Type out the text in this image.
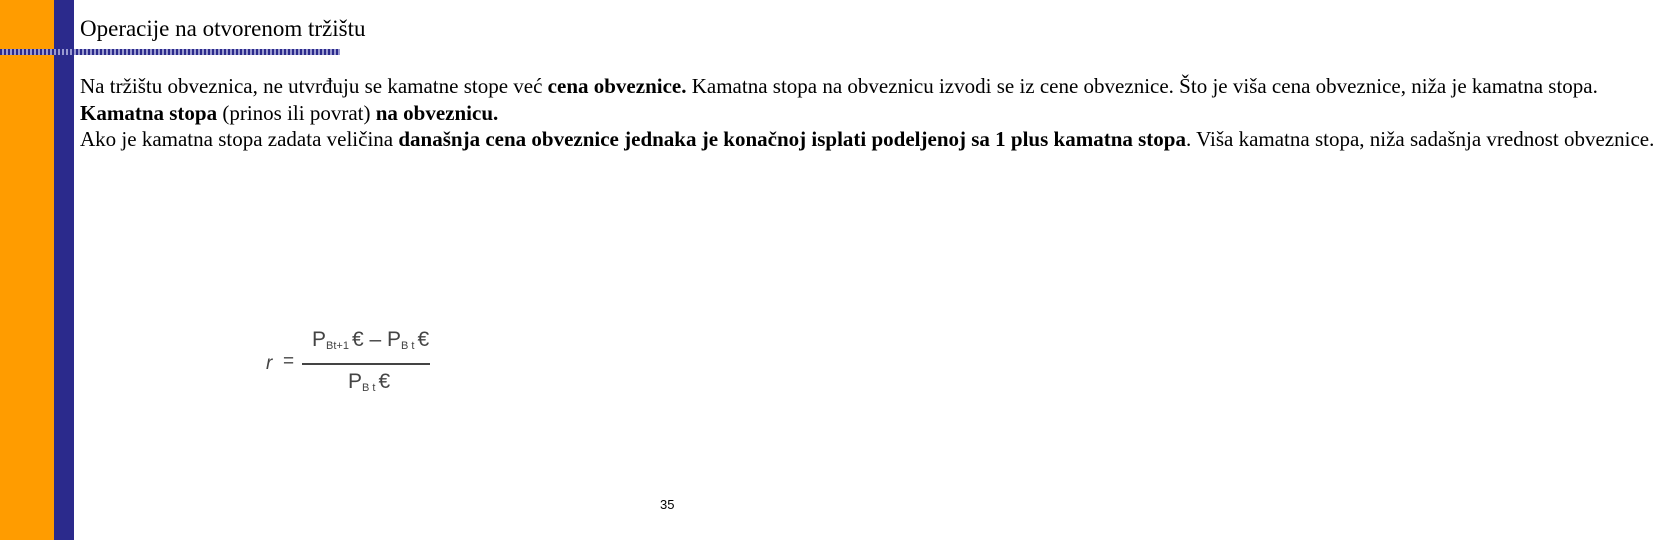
Operacije na otvorenom tržištu

Na tržištu obveznica, ne utvrđuju se kamatne stope već cena obveznice. Kamatna stopa na obveznicu izvodi se iz cene obveznice. Što je viša cena obveznice, niža je kamatna stopa.

Kamatna stopa (prinos ili povrat) na obveznicu.

Ako je kamatna stopa zadata veličina današnja cena obveznice jednaka je konačnoj isplati podeljenoj sa 1 plus kamatna stopa. Viša kamatna stopa, niža sadašnja vrednost obveznice.

r =
$P_{Bt+1}$ € – $P_{B t}$ €
$P_{B t}$ €
35
